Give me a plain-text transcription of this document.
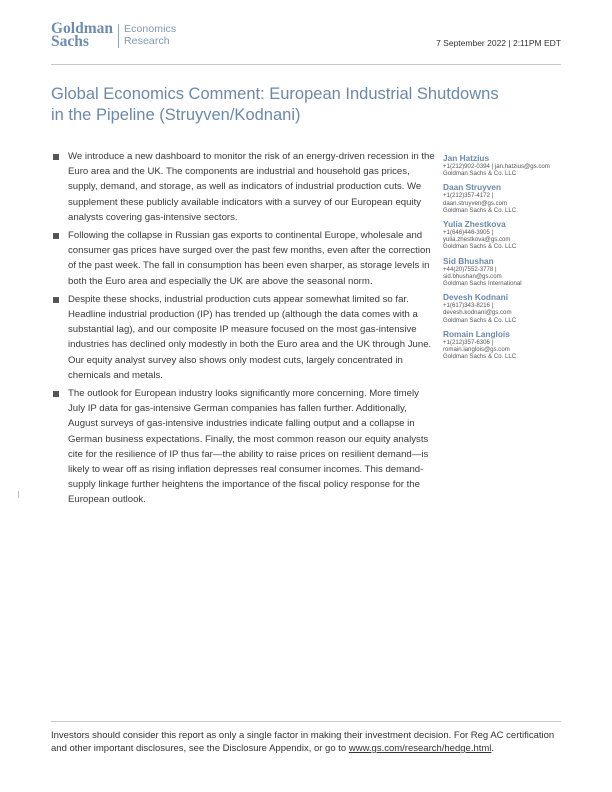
Goldman
Sachs
Economics
Research	7 September 2022 | 2:11PM EDT
Global Economics Comment: European Industrial Shutdowns in the Pipeline (Struyven/Kodnani)
We introduce a new dashboard to monitor the risk of an energy-driven recession in the Euro area and the UK. The components are industrial and household gas prices, supply, demand, and storage, as well as indicators of industrial production cuts. We supplement these publicly available indicators with a survey of our European equity analysts covering gas-intensive sectors.
Following the collapse in Russian gas exports to continental Europe, wholesale and consumer gas prices have surged over the past few months, even after the correction of the past week. The fall in consumption has been even sharper, as storage levels in both the Euro area and especially the UK are above the seasonal norm.
Despite these shocks, industrial production cuts appear somewhat limited so far. Headline industrial production (IP) has trended up (although the data comes with a substantial lag), and our composite IP measure focused on the most gas-intensive industries has declined only modestly in both the Euro area and the UK through June. Our equity analyst survey also shows only modest cuts, largely concentrated in chemicals and metals.
The outlook for European industry looks significantly more concerning. More timely July IP data for gas-intensive German companies has fallen further. Additionally, August surveys of gas-intensive industries indicate falling output and a collapse in German business expectations. Finally, the most common reason our equity analysts cite for the resilience of IP thus far—the ability to raise prices on resilient demand—is likely to wear off as rising inflation depresses real consumer incomes. This demand-supply linkage further heightens the importance of the fiscal policy response for the European outlook.
Jan Hatzius
+1(212)902-0394 | jan.hatzius@gs.com
Goldman Sachs & Co. LLC
Daan Struyven
+1(212)357-4172 |
daan.struyven@gs.com
Goldman Sachs & Co. LLC
Yulia Zhestkova
+1(646)446-3905 |
yulia.zhestkova@gs.com
Goldman Sachs & Co. LLC
Sid Bhushan
+44(20)7552-3778 |
sid.bhushan@gs.com
Goldman Sachs International
Devesh Kodnani
+1(617)343-8216 |
devesh.kodnani@gs.com
Goldman Sachs & Co. LLC
Romain Langlois
+1(212)357-6306 |
romain.langlois@gs.com
Goldman Sachs & Co. LLC
Investors should consider this report as only a single factor in making their investment decision. For Reg AC certification and other important disclosures, see the Disclosure Appendix, or go to www.gs.com/research/hedge.html.
